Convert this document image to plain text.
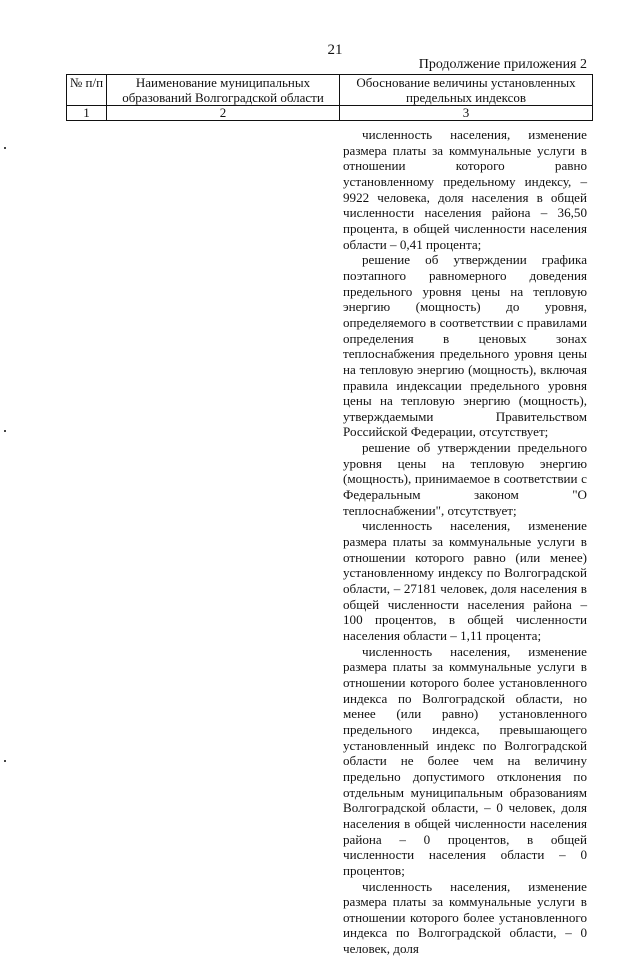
21
Продолжение приложения 2
№ п/п	Наименование муниципальных образований Волгоградской области	Обоснование величины установленных предельных индексов
1	2	3

численность населения, изменение размера платы за коммунальные услуги в отношении которого равно установленному предельному индексу, – 9922 человека, доля населения в общей численности населения района – 36,50 процента, в общей численности населения области – 0,41 процента;

решение об утверждении графика поэтапного равномерного доведения предельного уровня цены на тепловую энергию (мощность) до уровня, определяемого в соответствии с правилами определения в ценовых зонах теплоснабжения предельного уровня цены на тепловую энергию (мощность), включая правила индексации предельного уровня цены на тепловую энергию (мощность), утверждаемыми Правительством Российской Федерации, отсутствует;

решение об утверждении предельного уровня цены на тепловую энергию (мощность), принимаемое в соответствии с Федеральным законом "О теплоснабжении", отсутствует;

численность населения, изменение размера платы за коммунальные услуги в отношении которого равно (или менее) установленному индексу по Волгоградской области, – 27181 человек, доля населения в общей численности населения района – 100 процентов, в общей численности населения области – 1,11 процента;

численность населения, изменение размера платы за коммунальные услуги в отношении которого более установленного индекса по Волгоградской области, но менее (или равно) установленного предельного индекса, превышающего установленный индекс по Волгоградской области не более чем на величину предельно допустимого отклонения по отдельным муниципальным образованиям Волгоградской области, – 0 человек, доля населения в общей численности населения района – 0 процентов, в общей численности населения области – 0 процентов;

численность населения, изменение размера платы за коммунальные услуги в отношении которого более установленного индекса по Волгоградской области, – 0 человек, доля
